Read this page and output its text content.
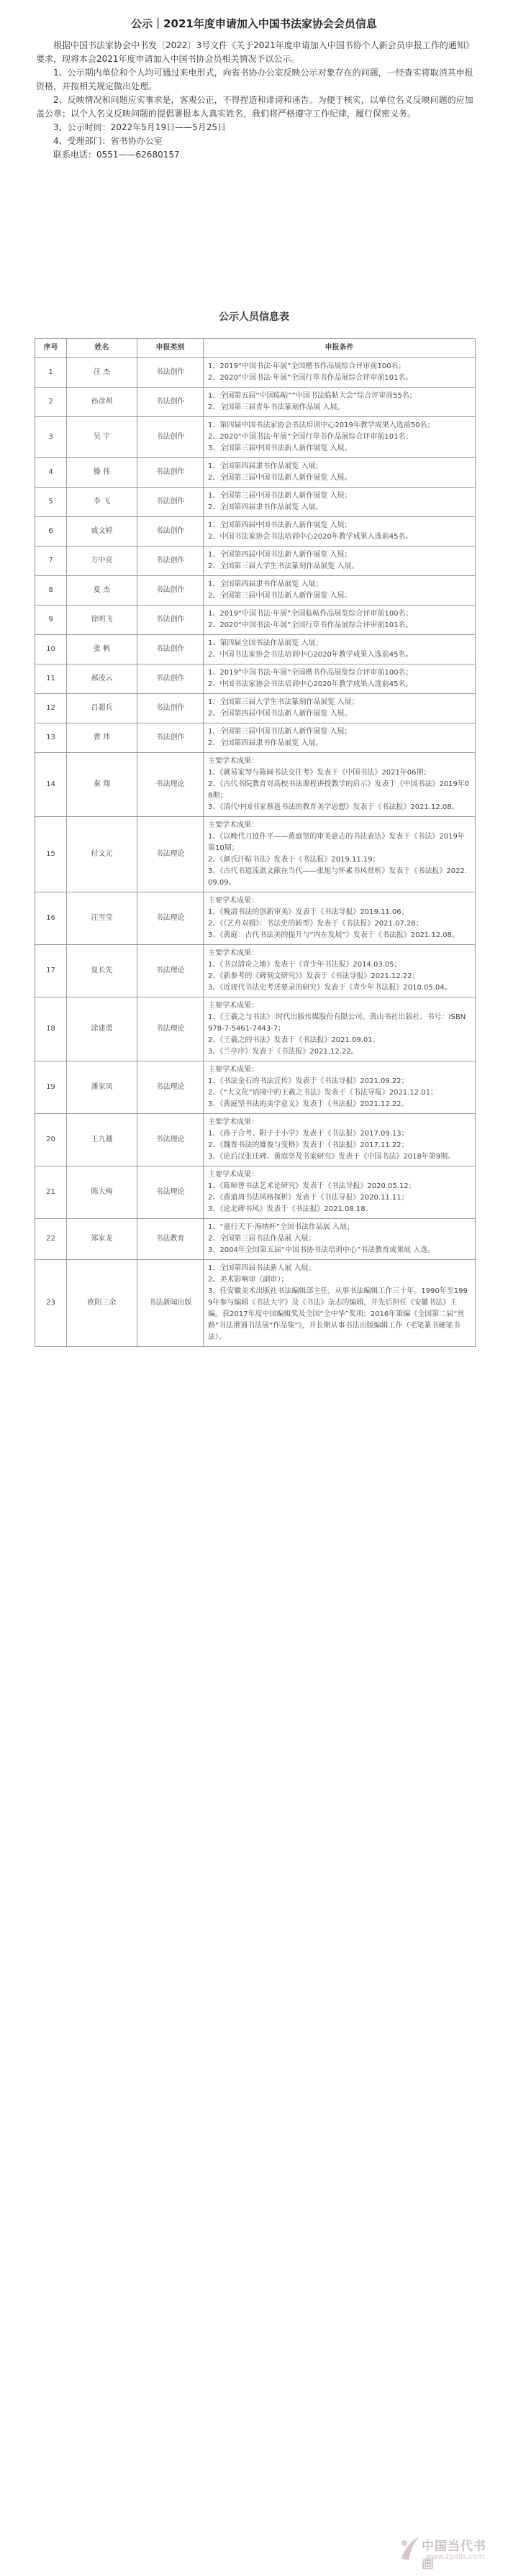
公示｜2021年度申请加入中国书法家协会会员信息

根据中国书法家协会中书发〔2022〕3号文件《关于2021年度申请加入中国书协个人新会员申报工作的通知》要求，现将本会2021年度申请加入中国书协会员相关情况予以公示。

1、公示期内单位和个人均可通过来电形式，向省书协办公室反映公示对象存在的问题，一经查实将取消其申报资格，并按相关规定做出处理。

2、反映情况和问题应实事求是，客观公正，不得捏造和诽谤和诬告。为便于核实，以单位名义反映问题的应加盖公章；以个人名义反映问题的提倡署报本人真实姓名，我们将严格遵守工作纪律，履行保密义务。

3、公示时间：2022年5月19日——5月25日

4、受理部门：省书协办公室

联系电话：0551——62680157

公示人员信息表
序号	姓名	申报类别	申报条件
1	汪 杰	书法创作	1、2019“中国书法·年展”全国楷书作品展综合评审前100名；
2、2020“中国书法·年展”全国行草书作品展综合评审前101名。

2	孙彦祺	书法创作	1、全国第五届“中国临帖”“中国书法临帖大会”综合评审前55名；
2、全国第三届青年书法篆刻作品展 入展。

3	吴 宇	书法创作	1、第四届中国书法家协会书法培训中心2019年教学成果入选前50名；
2、2020“中国书法·年展”全国行草书作品展综合评审前101名；
3、全国第三届中国书法新人新作展览 入展。

4	滕 伟	书法创作	1、全国第四届隶书作品展览 入展；
2、全国第三届中国书法新人新作展览 入展。

5	李 飞	书法创作	1、全国第三届中国书法新人新作展览 入展；
2、全国第四届隶书作品展览 入展。

6	戚文婷	书法创作	1、全国第四届中国书法新人新作展览 入展；
2、中国书法家协会书法培训中心2020年教学成果入选前45名。

7	方中亮	书法创作	1、全国第四届中国书法新人新作展览 入展；
2、全国第三届大学生书法篆刻作品展览 入展。

8	夏 杰	书法创作	1、全国第四届隶书作品展览 入展；
2、全国第三届中国书法新人新作展览 入展。

9	徐明飞	书法创作	1、2019“中国书法·年展”全国临帖作品展览综合评审前100名；
2、2020“中国书法·年展”全国行草书作品展综合评审前101名。

10	张 帆	书法创作	1、第四届全国书法作品展览 入展；
2、中国书法家协会书法培训中心2020年教学成果入选前45名。

11	郝凌云	书法创作	1、2019“中国书法·年展”全国楷书作品展览综合评审前100名；
2、中国书法家协会书法培训中心2020年教学成果入选前45名。

12	吕超兵	书法创作	1、全国第三届大学生书法篆刻作品展览 入展；
2、全国第四届中国书法新人新作展览 入展。

13	曹 玮	书法创作	1、全国第三届中国书法新人新作展览 入展；
2、全国第四届隶书作品展览 入展。

14	秦 翔	书法理论	主要学术成果：
1、《就易家琴与陈阔书法交往考》发表于《中国书法》2021年06期；
2、《古代书院教育对高校书法课程讲授教学的启示》发表于《中国书法》2019年08期；
3、《清代中国书家蔡邕书法的教育美学思想》发表于《书法报》2021.12.08。

15	付文元	书法理论	主要学术成果：
1、《以晚代刀迹作平——黄庭坚的审美意志的书法表达》发表于《书法》2019年第10期；
2、《颜氏汗帖书法》发表于《书法报》2019.11.19；
3、《古代书道流派文献在当代——张旭与怀素书风赏析》发表于《书法报》2022.09.09。

16	汪雪莹	书法理论	主要学术成果：
1、《晚清书法的创新审美》发表于《书法导报》2019.11.06；
2、《《艺舟双楫》：书法史的转型》发表于《书法报》2021.07.28；
3、《黄庭：古代书法美的提升与“内在发展”》发表于《书法报》2021.12.08。

17	夏长先	书法理论	主要学术成果：
1、《书以清奇之地》发表于《青少年书法报》2014.03.05；
2、《新参考的《碑刻文研究》》发表于《书法导报》2021.12.22；
3、《近现代书法史考述要录的研究》发表于《青少年书法报》2010.05.04。

18	涂建勇	书法理论	主要学术成果：
1、《王羲之与书法》 时代出版传媒股份有限公司、黄山书社出版社、书号：ISBN 978-7-5461-7443-7；
2、《王羲之的书法》发表于《书法报》2021.09.01；
3、《兰亭序》发表于《书法报》2021.12.22。

19	潘家凤	书法理论	主要学术成果：
1、《书法金石的书法宣传》发表于《书法导报》2021.09.22；
2、《“大文化”语境中的王羲之书法》发表于《书法导报》2021.12.01；
3、《黄庭坚书法的美学意义》发表于《书法报》2021.12.22。

20	王九越	书法理论	主要学术成果：
1、《孙子合考、附子于小学》发表于《书法报》2017.09.13；
2、《魏晋书法的雄俊与变格》发表于《书法报》2017.11.22；
3、《论后汉张迁碑、黄庭坚及书家研究》发表于《中国书法》2018年第9期。

21	陈大梅	书法理论	主要学术成果：
1、《陈师曾书法艺术论研究》发表于《书法导报》2020.05.12；
2、《黄道周书法风格探析》发表于《书法导报》2020.11.11；
3、《论北碑书风》发表于《书法报》2021.08.18。

22	郑家龙	书法教育	1、“童行天下·海纳杯”全国书法作品展 入展；
2、全国第三届书法作品展 入展；
3、2004年全国第五届“中国书协书法培训中心”书法教育成果展 入选。

23	欧阳三余	书法新闻出版	1、全国第四届书法新人展 入展；
2、美术影响审（副审）；
3、任安徽美术出版社书法编辑部主任，从事书法编辑工作三十年。1990年至1999年参与编辑《书法大字》及《书法》杂志的编辑，并先后担任《安徽书法》主编。获2017年度中国编辑奖及全国“全中华”奖项；2016年策编《全国第二届“丝路”书法港通书法展“作品集”》，并长期从事书法出版编辑工作（毛笔篆书硬笔书法）。
中国当代书画
www.zgdds.com
